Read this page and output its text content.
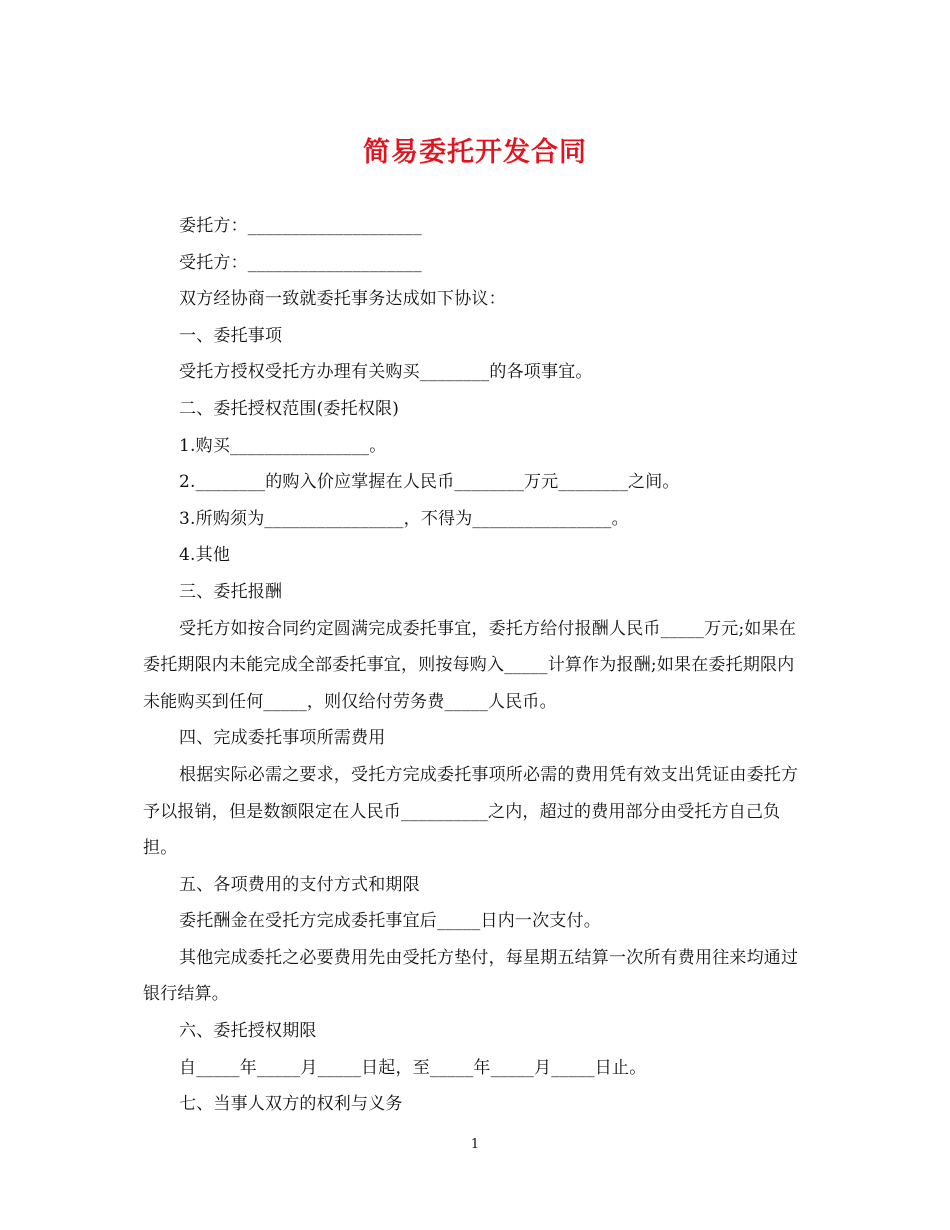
简易委托开发合同

委托方：____________________

受托方：____________________

双方经协商一致就委托事务达成如下协议：

一、委托事项

受托方授权受托方办理有关购买________的各项事宜。

二、委托授权范围(委托权限)

1.购买________________。

2.________的购入价应掌握在人民币________万元________之间。

3.所购须为________________，不得为________________。

4.其他

三、委托报酬

受托方如按合同约定圆满完成委托事宜，委托方给付报酬人民币_____万元;如果在委托期限内未能完成全部委托事宜，则按每购入_____计算作为报酬;如果在委托期限内未能购买到任何_____，则仅给付劳务费_____人民币。

四、完成委托事项所需费用

根据实际必需之要求，受托方完成委托事项所必需的费用凭有效支出凭证由委托方予以报销，但是数额限定在人民币__________之内，超过的费用部分由受托方自己负担。

五、各项费用的支付方式和期限

委托酬金在受托方完成委托事宜后_____日内一次支付。

其他完成委托之必要费用先由受托方垫付，每星期五结算一次所有费用往来均通过银行结算。

六、委托授权期限

自_____年_____月_____日起，至_____年_____月_____日止。

七、当事人双方的权利与义务

1
